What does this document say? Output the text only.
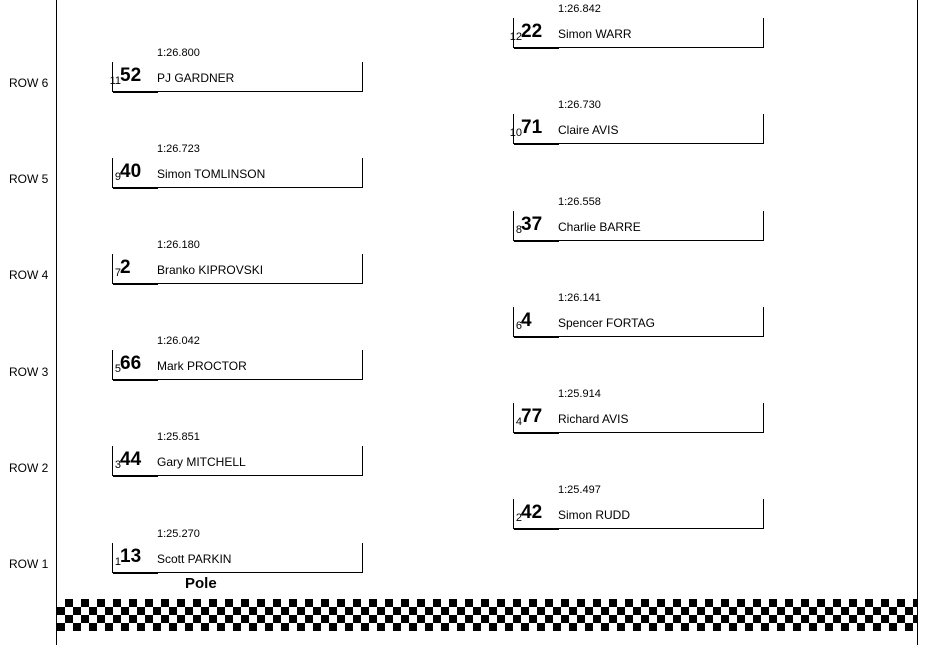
ROW 6
ROW 5
ROW 4
ROW 3
ROW 2
ROW 1
1:26.800
11 52 PJ GARDNER
1:26.723
9 40 Simon TOMLINSON
1:26.180
7 2 Branko KIPROVSKI
1:26.042
5 66 Mark PROCTOR
1:25.851
3 44 Gary MITCHELL
1:25.270
1 13 Scott PARKIN
1:26.842
12 22 Simon WARR
1:26.730
10 71 Claire AVIS
1:26.558
8 37 Charlie BARRE
1:26.141
6 4 Spencer FORTAG
1:25.914
4 77 Richard AVIS
1:25.497
2 42 Simon RUDD
Pole
